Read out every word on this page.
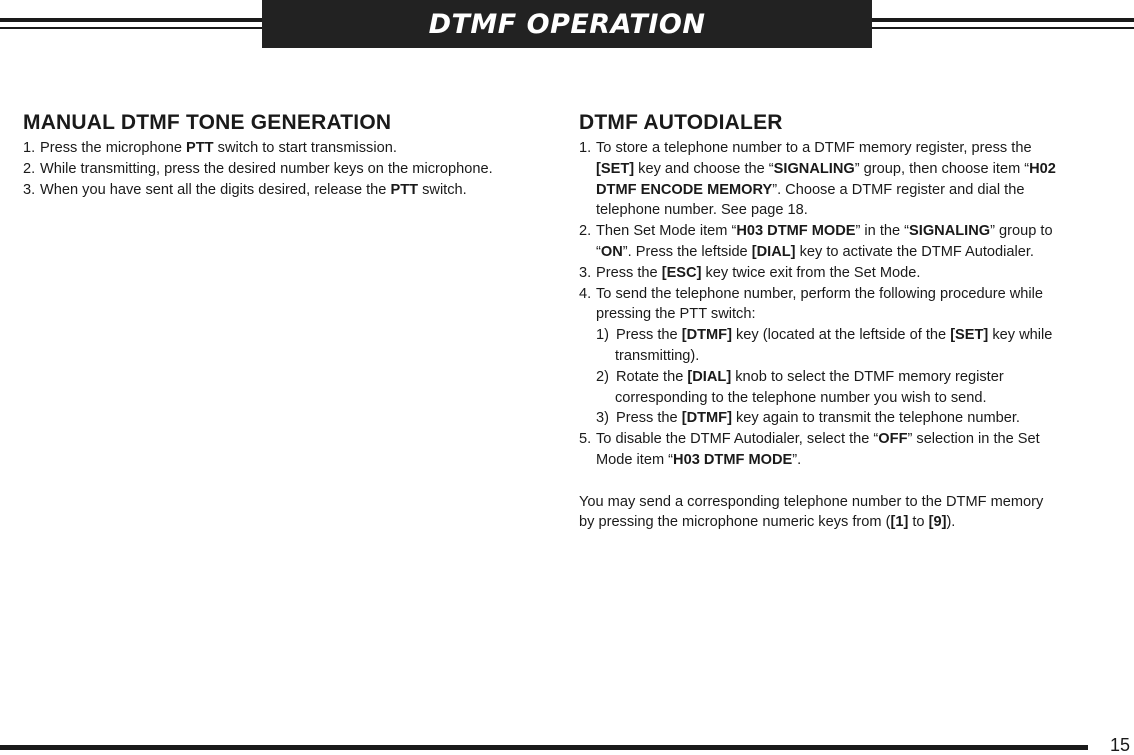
DTMF OPERATION
MANUAL DTMF TONE GENERATION
1. Press the microphone PTT switch to start transmission.
2. While transmitting, press the desired number keys on the microphone.
3. When you have sent all the digits desired, release the PTT switch.
DTMF AUTODIALER
1. To store a telephone number to a DTMF memory register, press the
[SET] key and choose the “SIGNALING” group, then choose item “H02
DTMF ENCODE MEMORY”. Choose a DTMF register and dial the
telephone number. See page 18.
2. Then Set Mode item “H03 DTMF MODE” in the “SIGNALING” group to
“ON”. Press the leftside [DIAL] key to activate the DTMF Autodialer.
3. Press the [ESC] key twice exit from the Set Mode.
4. To send the telephone number, perform the following procedure while
pressing the PTT switch:
1) Press the [DTMF] key (located at the leftside of the [SET] key while
transmitting).
2) Rotate the [DIAL] knob to select the DTMF memory register
corresponding to the telephone number you wish to send.
3) Press the [DTMF] key again to transmit the telephone number.
5. To disable the DTMF Autodialer, select the “OFF” selection in the Set
Mode item “H03 DTMF MODE”.
You may send a corresponding telephone number to the DTMF memory
by pressing the microphone numeric keys from ([1] to [9]).
15
